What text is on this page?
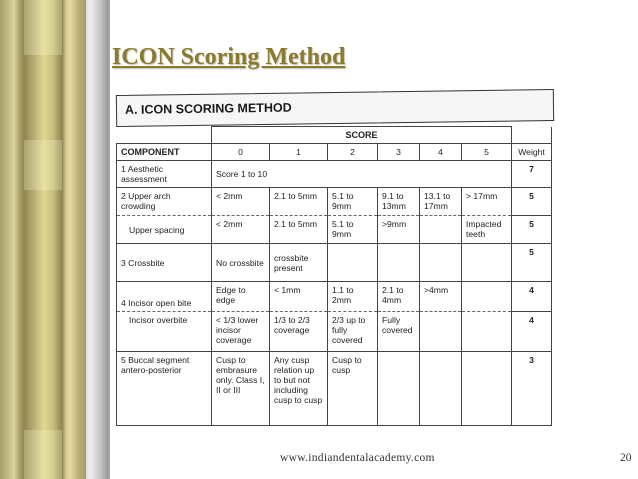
ICON Scoring Method
A. ICON SCORING METHOD
	SCORE						
COMPONENT	0	1	2	3	4	5	Weight
1 Aesthetic assessment	Score 1 to 10						7
2 Upper arch crowding	< 2mm	2.1 to 5mm	5.1 to 9mm	9.1 to 13mm	13.1 to 17mm	> 17mm	5
Upper spacing	< 2mm	2.1 to 5mm	5.1 to 9mm	>9mm		Impacted teeth	5
3 Crossbite	No crossbite	crossbite present					5
4 Incisor open bite	Edge to edge	< 1mm	1.1 to 2mm	2.1 to 4mm	>4mm		4
Incisor overbite	< 1/3 lower incisor coverage	1/3 to 2/3 coverage	2/3 up to fully covered	Fully covered			4
5 Buccal segment antero-posterior	Cusp to embrasure only. Class I, II or III	Any cusp relation up to but not including cusp to cusp	Cusp to cusp				3
www.indiandentalacademy.com	20
